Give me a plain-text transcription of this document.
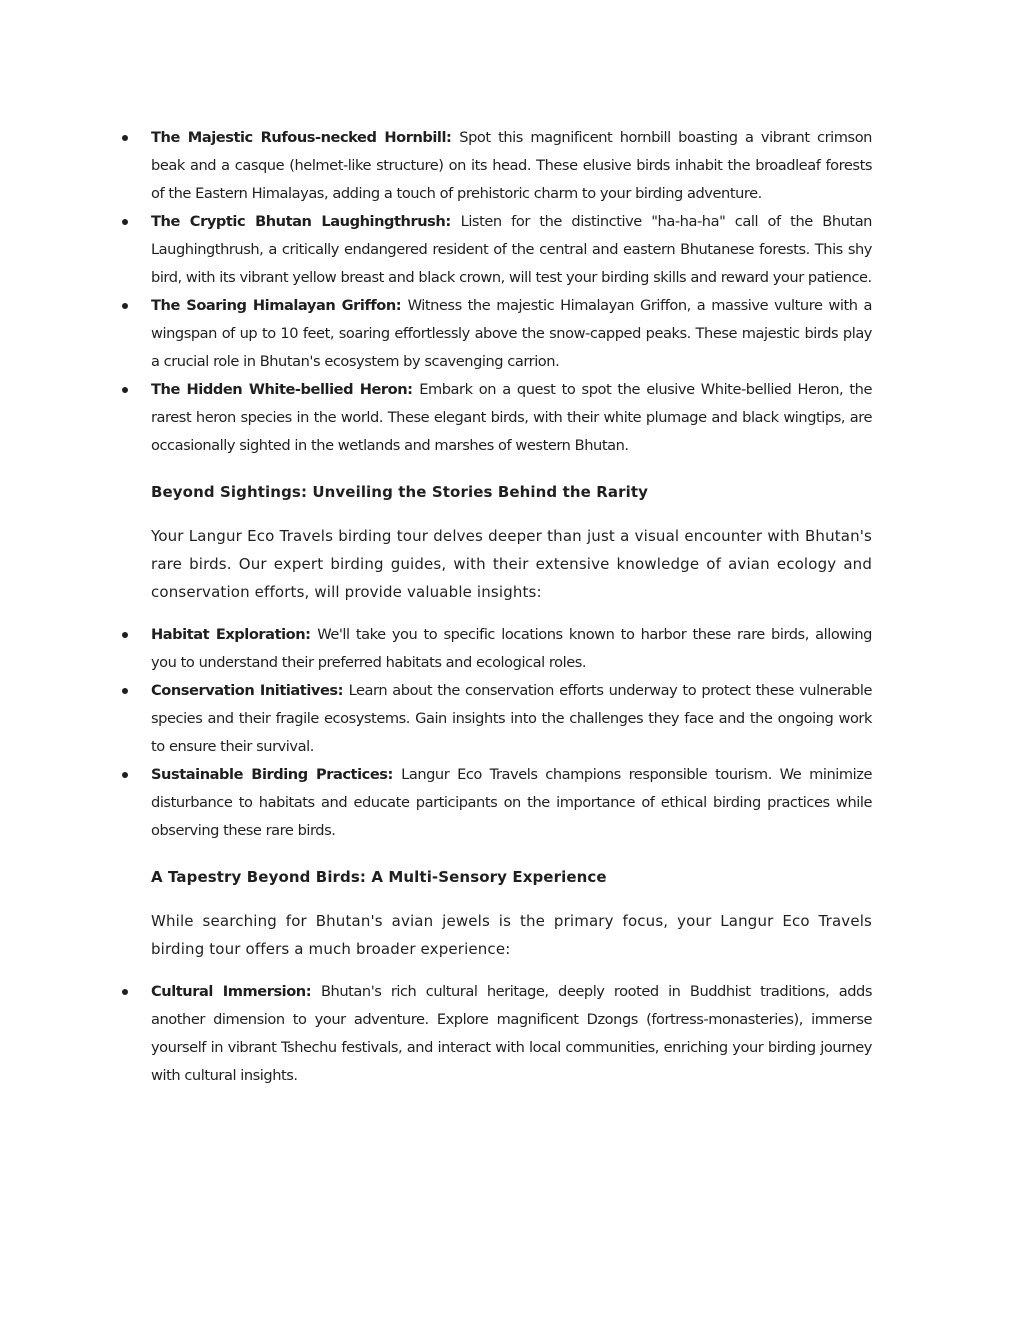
The Majestic Rufous-necked Hornbill: Spot this magnificent hornbill boasting a vibrant crimson beak and a casque (helmet-like structure) on its head. These elusive birds inhabit the broadleaf forests of the Eastern Himalayas, adding a touch of prehistoric charm to your birding adventure.
The Cryptic Bhutan Laughingthrush: Listen for the distinctive "ha-ha-ha" call of the Bhutan Laughingthrush, a critically endangered resident of the central and eastern Bhutanese forests. This shy bird, with its vibrant yellow breast and black crown, will test your birding skills and reward your patience.
The Soaring Himalayan Griffon: Witness the majestic Himalayan Griffon, a massive vulture with a wingspan of up to 10 feet, soaring effortlessly above the snow-capped peaks. These majestic birds play a crucial role in Bhutan's ecosystem by scavenging carrion.
The Hidden White-bellied Heron: Embark on a quest to spot the elusive White-bellied Heron, the rarest heron species in the world. These elegant birds, with their white plumage and black wingtips, are occasionally sighted in the wetlands and marshes of western Bhutan.
Beyond Sightings: Unveiling the Stories Behind the Rarity

Your Langur Eco Travels birding tour delves deeper than just a visual encounter with Bhutan's rare birds. Our expert birding guides, with their extensive knowledge of avian ecology and conservation efforts, will provide valuable insights:

Habitat Exploration: We'll take you to specific locations known to harbor these rare birds, allowing you to understand their preferred habitats and ecological roles.
Conservation Initiatives: Learn about the conservation efforts underway to protect these vulnerable species and their fragile ecosystems. Gain insights into the challenges they face and the ongoing work to ensure their survival.
Sustainable Birding Practices: Langur Eco Travels champions responsible tourism. We minimize disturbance to habitats and educate participants on the importance of ethical birding practices while observing these rare birds.
A Tapestry Beyond Birds: A Multi-Sensory Experience

While searching for Bhutan's avian jewels is the primary focus, your Langur Eco Travels birding tour offers a much broader experience:

Cultural Immersion: Bhutan's rich cultural heritage, deeply rooted in Buddhist traditions, adds another dimension to your adventure. Explore magnificent Dzongs (fortress-monasteries), immerse yourself in vibrant Tshechu festivals, and interact with local communities, enriching your birding journey with cultural insights.
